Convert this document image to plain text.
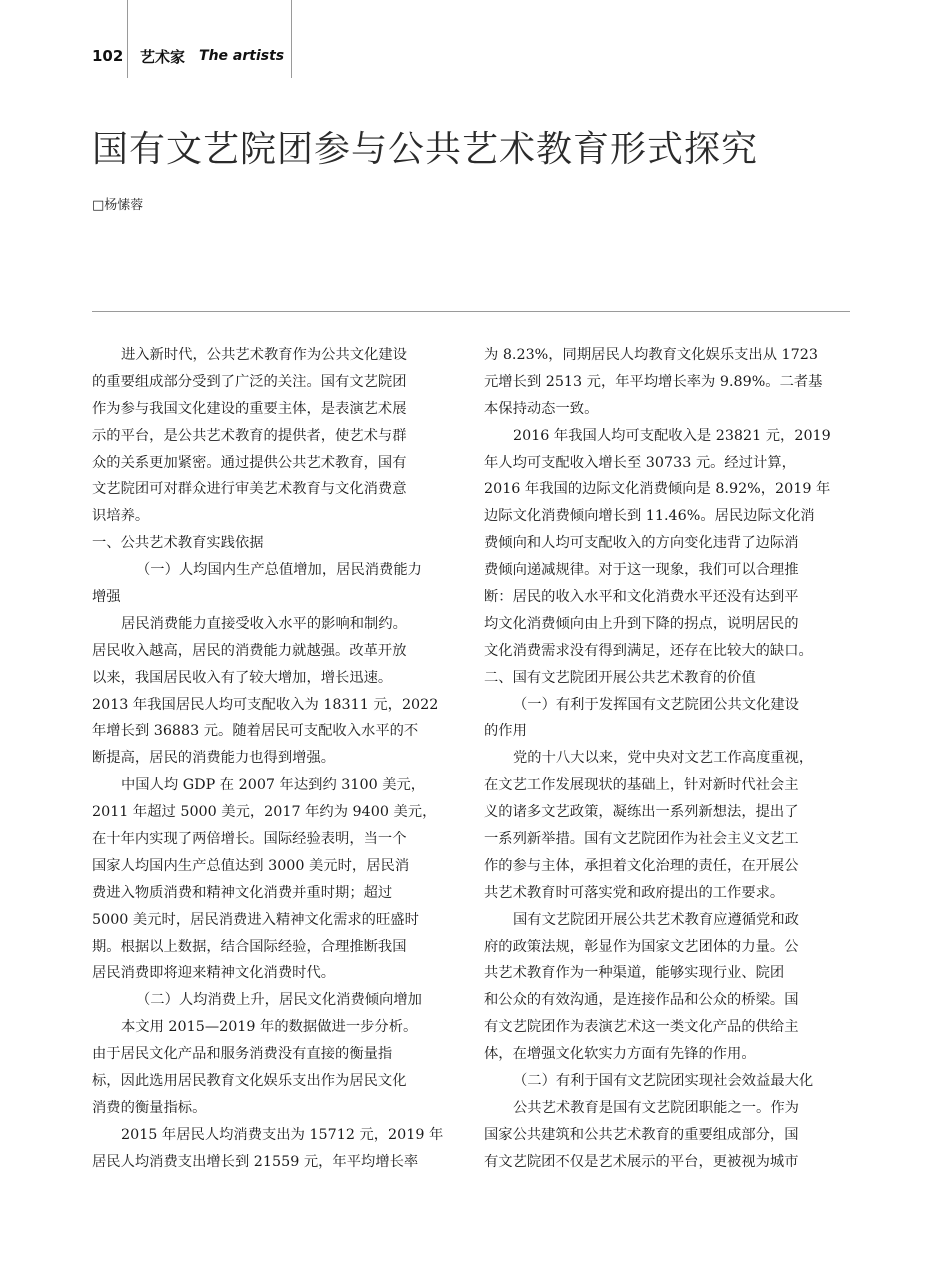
102 艺术家 The artists
国有文艺院团参与公共艺术教育形式探究
□杨愫蓉
进入新时代，公共艺术教育作为公共文化建设
的重要组成部分受到了广泛的关注。国有文艺院团
作为参与我国文化建设的重要主体，是表演艺术展
示的平台，是公共艺术教育的提供者，使艺术与群
众的关系更加紧密。通过提供公共艺术教育，国有
文艺院团可对群众进行审美艺术教育与文化消费意
识培养。
一、公共艺术教育实践依据
（一）人均国内生产总值增加，居民消费能力
增强
居民消费能力直接受收入水平的影响和制约。
居民收入越高，居民的消费能力就越强。改革开放
以来，我国居民收入有了较大增加，增长迅速。
2013 年我国居民人均可支配收入为 18311 元，2022
年增长到 36883 元。随着居民可支配收入水平的不
断提高，居民的消费能力也得到增强。
中国人均 GDP 在 2007 年达到约 3100 美元，
2011 年超过 5000 美元，2017 年约为 9400 美元，
在十年内实现了两倍增长。国际经验表明，当一个
国家人均国内生产总值达到 3000 美元时，居民消
费进入物质消费和精神文化消费并重时期；超过
5000 美元时，居民消费进入精神文化需求的旺盛时
期。根据以上数据，结合国际经验，合理推断我国
居民消费即将迎来精神文化消费时代。
（二）人均消费上升，居民文化消费倾向增加
本文用 2015—2019 年的数据做进一步分析。
由于居民文化产品和服务消费没有直接的衡量指
标，因此选用居民教育文化娱乐支出作为居民文化
消费的衡量指标。
2015 年居民人均消费支出为 15712 元，2019 年
居民人均消费支出增长到 21559 元，年平均增长率
为 8.23%，同期居民人均教育文化娱乐支出从 1723
元增长到 2513 元，年平均增长率为 9.89%。二者基
本保持动态一致。
2016 年我国人均可支配收入是 23821 元，2019
年人均可支配收入增长至 30733 元。经过计算，
2016 年我国的边际文化消费倾向是 8.92%，2019 年
边际文化消费倾向增长到 11.46%。居民边际文化消
费倾向和人均可支配收入的方向变化违背了边际消
费倾向递减规律。对于这一现象，我们可以合理推
断：居民的收入水平和文化消费水平还没有达到平
均文化消费倾向由上升到下降的拐点，说明居民的
文化消费需求没有得到满足，还存在比较大的缺口。
二、国有文艺院团开展公共艺术教育的价值
（一）有利于发挥国有文艺院团公共文化建设
的作用
党的十八大以来，党中央对文艺工作高度重视，
在文艺工作发展现状的基础上，针对新时代社会主
义的诸多文艺政策，凝练出一系列新想法，提出了
一系列新举措。国有文艺院团作为社会主义文艺工
作的参与主体，承担着文化治理的责任，在开展公
共艺术教育时可落实党和政府提出的工作要求。
国有文艺院团开展公共艺术教育应遵循党和政
府的政策法规，彰显作为国家文艺团体的力量。公
共艺术教育作为一种渠道，能够实现行业、院团
和公众的有效沟通，是连接作品和公众的桥梁。国
有文艺院团作为表演艺术这一类文化产品的供给主
体，在增强文化软实力方面有先锋的作用。
（二）有利于国有文艺院团实现社会效益最大化
公共艺术教育是国有文艺院团职能之一。作为
国家公共建筑和公共艺术教育的重要组成部分，国
有文艺院团不仅是艺术展示的平台，更被视为城市
